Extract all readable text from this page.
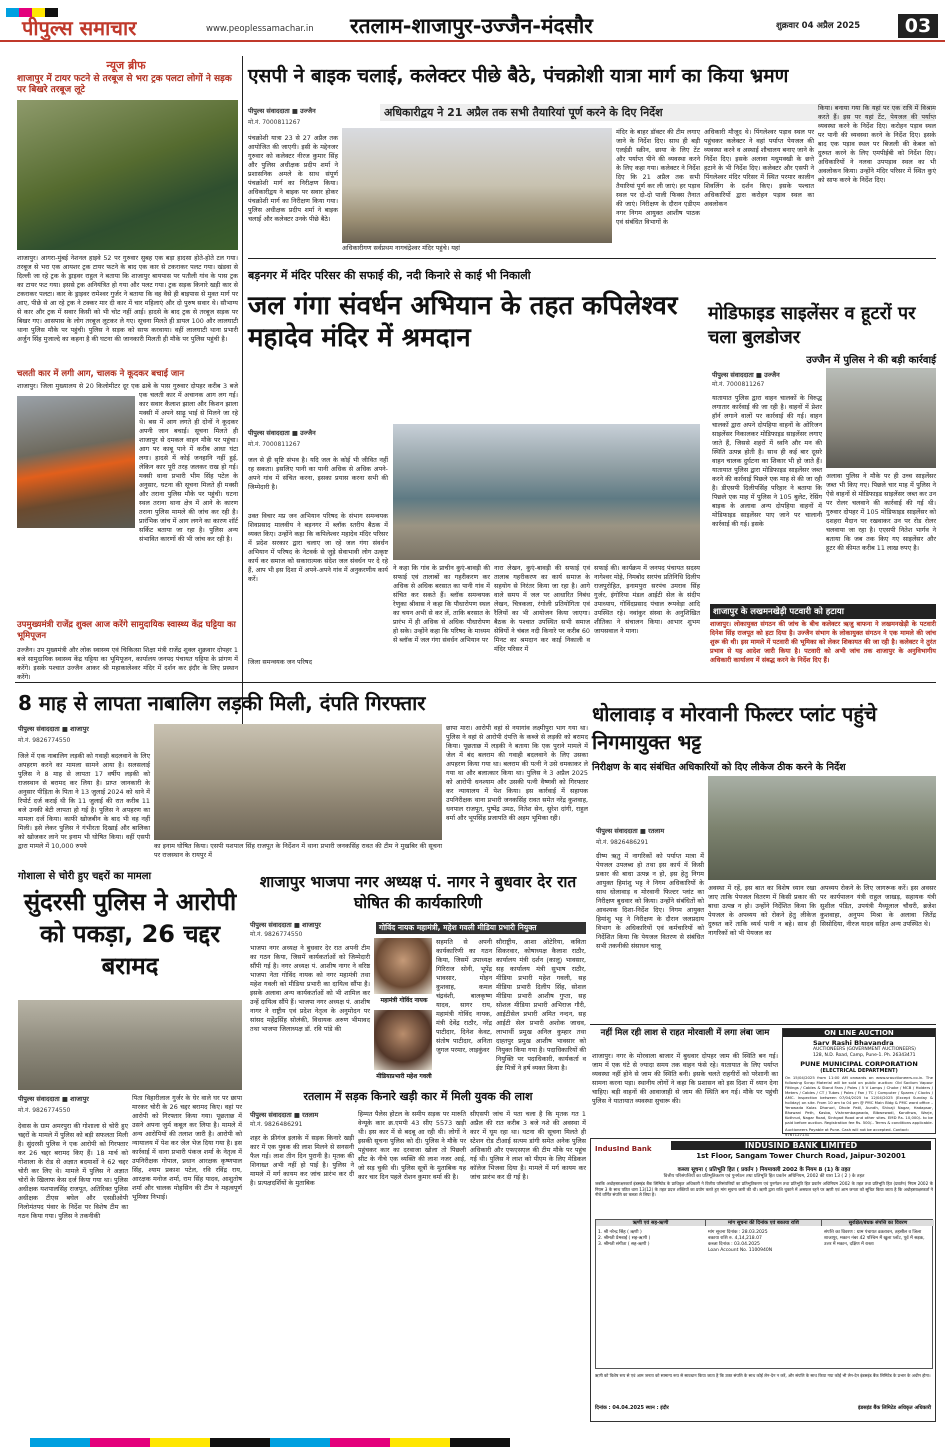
पीपुल्स समाचार	www.peoplessamachar.in	रतलाम-शाजापुर-उज्जैन-मंदसौर	शुक्रवार 04 अप्रैल 2025	03
न्यूज ब्रीफ
शाजापुर में टायर फटने से तरबूज से भरा ट्रक पलटा लोगों ने सड़क पर बिखरे तरबूज लूटे
शाजापुर। आगरा-मुंबई नेशनल हाइवे 52 पर गुरुवार सुबह एक बड़ा हादसा होते-होते टल गया। तरबूज से भरा एक आयशर ट्रक टायर फटने के बाद एक कार से टकराकर पलट गया। खंडवा से दिल्ली जा रहे ट्रक के ड्राइवर राहुल ने बताया कि शाजापुर बायपास पर पतौली गांव के पास ट्रक का टायर फट गया। इससे ट्रक अनियंत्रित हो गया और पलट गया। ट्रक सड़क किनारे खड़ी कार से टकराकर पलटा। कार के ड्राइवर रामेश्वर गुर्जर ने बताया कि वह वैसे ही बाइपास से मुक्त मार्ग पर आए, पीछे से आ रहे ट्रक ने टक्कर मार दी कार में चार महिलाएं और दो पुरुष सवार थे। सौभाग्य से कार और ट्रक में सवार किसी को भी चोट नहीं आई। हादसे के बाद ट्रक से तरबूज सड़क पर बिखर गए। आसपास के लोग तरबूज लूटकर ले गए। सूचना मिलते ही डायल 100 और लालघाटी थाना पुलिस मौके पर पहुंची। पुलिस ने सड़क को साफ करवाया। वहीं लालघाटी थाना प्रभारी अर्जुन सिंह मुजाल्दे का कहना है की घटना की जानकारी मिलती ही मौके पर पुलिस पहुंची है।
चलती कार में लगी आग, चालक ने कूदकर बचाई जान
शाजापुर। जिला मुख्यालय से 20 किलोमीटर दूर एक ढाबे के पास गुरुवार दोपहर करीब 3 बजे एक चलती कार में अचानक आग लग गई। कार सवार कैलाश झाला और किशन झाला मक्सी में अपने साढ़ू भाई से मिलने जा रहे थे। बस में आग लगते ही दोनों ने कूदकर अपनी जान बचाई। सूचना मिलते ही शाजापुर से दमकल वाहन मौके पर पहुंचा। आग पर काबू पाने में करीब आधा घंटा लगा। हादसे में कोई जनहानि नहीं हुई, लेकिन कार पूरी तरह जलकर राख हो गई। मक्सी थाना प्रभारी भीम सिंह पटेल के अनुसार, घटना की सूचना मिलते ही मक्सी और तराना पुलिस मौके पर पहुंची। घटना स्थल तराना थाना क्षेत्र में आने के कारण तराना पुलिस मामले की जांच कर रही है। प्रारंभिक जांच में आग लगने का कारण शॉर्ट सर्किट बताया जा रहा है। पुलिस अन्य संभावित कारणों की भी जांच कर रही है।
उपमुख्यमंत्री राजेंद्र शुक्ल आज करेंगे सामुदायिक स्वास्थ्य केंद्र घट्टिया का भूमिपूजन
उज्जैन। उप मुख्यमंत्री और लोक स्वास्थ्य एवं चिकित्सा शिक्षा मंत्री राजेंद्र शुक्ल शुक्रवार दोपहर 1 बजे सामुदायिक स्वास्थ्य केंद्र घट्टिया का भूमिपूजन, कार्यालय जनपद पंचायत घट्टिया के प्रांगण में करेंगे। इसके पश्चात उज्जैन आकर श्री महाकालेश्वर मंदिर में दर्शन कर इंदौर के लिए प्रस्थान करेंगे।
एसपी ने बाइक चलाई, कलेक्टर पीछे बैठे, पंचक्रोशी यात्रा मार्ग का किया भ्रमण
अधिकारीद्वय ने 21 अप्रैल तक सभी तैयारियां पूर्ण करने के दिए निर्देश
पीपुल्स संवाददाता ■ उज्जैन
मो.नं. 7000811267
पंचक्रोशी यात्रा 23 से 27 अप्रैल तक आयोजित की जाएगी। इसी के मद्देनजर गुरुवार को कलेक्टर नीरज कुमार सिंह और पुलिस अधीक्षक प्रदीप शर्मा ने प्रशासनिक अमले के साथ संपूर्ण पंचक्रोशी मार्ग का निरीक्षण किया। अधिकारीद्वय ने बाइक पर सवार होकर पंचक्रोशी मार्ग का निरीक्षण किया गया। पुलिस अधीक्षक प्रदीप शर्मा ने बाइक चलाई और कलेक्टर उनके पीछे बैठे।
अधिकारीगण सर्वप्रथम नागचंद्रेश्वर मंदिर पहुंचे। यहां
मंदिर के बाहर डॉक्टर की टीम लगाए जाने के निर्देश दिए। साथ ही बड़ी एलईडी स्क्रीन, छाया के लिए टेंट और पर्याप्त पीने की व्यवस्था करने के लिए कहा गया। कलेक्टर ने निर्देश दिए कि 21 अप्रैल तक सभी तैयारियां पूर्ण कर ली जाएं। हर पड़ाव स्थल पर दो-दो पाली फिक्स तैनात की जाएं। निरीक्षण के दौरान एडीएम नगर निगम आयुक्त आशीष पाठक एवं संबंधित विभागों के
अधिकारी मौजूद थे। पिंगलेश्वर पड़ाव स्थल पर पहुंचकर कलेक्टर ने वहां पर्याप्त पेयजल की व्यवस्था करने व अस्थाई शौचालय बनाए जाने के निर्देश दिए। इसके अलावा मधुमक्खी के छत्ते हटाने के भी निर्देश दिए। कलेक्टर और एसपी ने पिंगलेश्वर मंदिर परिसर में स्थित परमार कालीन शिवलिंग के दर्शन किए। इसके पश्चात अधिकारियों द्वारा करोहन पड़ाव स्थल का अवलोकन
किया। बनाया गया कि यहां पर एक रात्रि में विश्राम करते हैं। इस पर यहां टेंट, पेयजल की पर्याप्त व्यवस्था करने के निर्देश दिए। करोहन पड़ाव स्थल पर पानी की व्यवस्था करने के निर्देश दिए। इसके बाद एक पड़ाव स्थल पर बिजली की केबल को दुरुस्त करने के लिए एमपीईबी को निर्देश दिए। अधिकारियों ने नलवा उपपड़ाव स्थल का भी अवलोकन किया। उन्होंने मंदिर परिसर में स्थित कुएं को साफ करने के निर्देश दिए।
बड़नगर में मंदिर परिसर की सफाई की, नदी किनारे से काई भी निकाली
जल गंगा संवर्धन अभियान के तहत कपिलेश्वर महादेव मंदिर में श्रमदान
पीपुल्स संवाददाता ■ उज्जैन
मो.नं. 7000811267
जल से ही सृष्टि संभव है। यदि जल के कोई भी जीवित नहीं रह सकता। इसलिए पानी का पानी अधिक से अधिक अपने-अपने गांव में संचित करना, इसका प्रयास करना सभी की जिम्मेदारी है।
उक्त विचार मप्र जन अभियान परिषद के संभाग समन्वयक शिवप्रसाद मालवीय ने बड़नगर में ब्लॉक स्तरीय बैठक में व्यक्त किए। उन्होंने कहा कि कपिलेश्वर महादेव मंदिर परिसर में प्रदेश सरकार द्वारा चलाए जा रहे जल गंगा संवर्धन अभियान में परिषद के नेटवर्क से जुड़े सेवाभावी लोग उत्कृष्ट कार्य कर समाज को सकारात्मक संदेश जल संवर्धन पर दे रहे हैं, आप भी इस दिशा में अपने-अपने गांव में अनुकरणीय कार्य करें।
जिला समन्वयक जन परिषद
ने कहा कि गांव के प्राचीन कुएं-बावड़ी की सफाई एवं तालाबों का गहरीकरण कर अधिक से अधिक बरसात का पानी गांव में संचित कर सकते हैं। ब्लॉक समन्वयक रेणुका श्रीवास ने कहा कि पौधारोपण स्थल का चयन अभी से कर लें, ताकि बरसात के प्रारंभ में ही अधिक से अधिक पौधारोपण हो सके। उन्होंने कहा कि परिषद के माध्यम से ब्लॉक में जल गंगा संवर्धन अभियान पर
नारा लेखन, कुएं-बावड़ी की सफाई एवं तालाब गहरीकरण का कार्य समाज के सहयोग से निरंतर किया जा रहा है। आगे वाले समय में जल पर आधारित निबंध लेखन, चित्रकला, रंगोली प्रतियोगिता एवं रैलियों का भी आयोजन किया जाएगा। बैठक के पश्चात उपस्थित सभी समाज सेवियों ने चंबल नदी किनारे पर करीब 60 मिनट का श्रमदान कर काई निकाली व मंदिर परिसर में
सफाई की। कार्यक्रम में जनपद पंचायत सदस्य नागेश्वर मोहे, निमबोद सरपंच प्रतिनिधि दिलीप राजपुरोहित, इनामपुरा सरपंच उमराव सिंह गुर्जर, इंगोरिया मंडल आईटी सेल के संदीप उपाध्याय, गोविंदप्रसाद पंचाल रूपवेड़ा आदि उपस्थित रहे। नवांकुर संस्था के अनुशिखित शीतिका ने संचालन किया। आभार शुभम जायसवाल ने माना।
मोडिफाइड साइलेंसर व हूटरों पर चला बुलडोजर
उज्जैन में पुलिस ने की बड़ी कार्रवाई
पीपुल्स संवाददाता ■ उज्जैन
मो.नं. 7000811267
यातायात पुलिस द्वारा वाहन चालकों के विरुद्ध लगातार कार्रवाई की जा रही है। वाहनों में प्रेशर हॉर्न लगाने वालों पर कार्रवाई की गई। वाहन चालकों द्वारा अपने दोपहिया वाहनों के ओरिजन साइलेंसर निकालकर मोडिफाइड साइलेंसर लगाए जाते हैं, जिससे शहरों में ध्वनि और मन की स्थिति उत्पन्न होती है। साथ ही कई बार दूसरे वाहन चालक दुर्घटना का शिकार भी हो जाते हैं। यातायात पुलिस द्वारा मोडिफाइड साइलेंसर जब्त करने की कार्रवाई पिछले एक माह से की जा रही है। डीएसपी दिलीपसिंह परिहार ने बताया कि पिछले एक माह में पुलिस ने 105 बुलेट, रेसिंग बाइक के अलावा अन्य दोपहिया वाहनों में मोडिफाइड साइलेंसर पाए जाने पर चालानी कार्रवाई की गई। इसके
अलावा पुलिस ने मौके पर ही उच्च साइलेंसर जब्त भी किए गए। पिछले चार माह में पुलिस ने ऐसे वाहनों से मोडिफाइड साइलेंसर जब्त कर उन पर रोलर चलवाने की कार्रवाई की गई थी। गुरुवार दोपहर में 105 मोडिफाइड साइलेंसर को दशहरा मैदान पर रखवाकर उन पर रोड रोलर चलवाया जा रहा है। एएसपी नितेश भार्गव ने बताया कि जब तक किए गए साइलेंसर और हूटर की कीमत करीब 11 लाख रुपए है।
शाजापुर के लखमनखेड़ी पटवारी को हटाया
शाजापुर। लोकायुक्त संगठन की जांच के बीच कलेक्टर ऋजु बाफना ने लखमनखेड़ी के पटवारी दिनेश सिंह राजपूत को हटा दिया है। उज्जैन संभाग के लोकायुक्त संगठन ने एक मामले की जांच शुरू की थी। इस मामले में पटवारी की भूमिका को लेकर शिकायत की जा रही है। कलेक्टर ने तुरंत प्रभाव से यह आदेश जारी किया है। पटवारी को अभी जांच तक शाजापुर के अनुविभागीय अधिकारी कार्यालय में संबद्ध करने के निर्देश दिए हैं।
8 माह से लापता नाबालिग लड़की मिली, दंपति गिरफ्तार
पीपुल्स संवाददाता ■ शाजापुर
मो.नं. 9826774550
जिले में एक नाबालिग लड़की को गवाही बदलवाने के लिए अपहरण करने का मामला सामने आया है। सलसलाई पुलिस ने 8 माह से लापता 17 वर्षीय लड़की को राजस्थान से बरामद कर लिया है। प्राप्त जानकारी के अनुसार पीड़िता के पिता ने 13 जुलाई 2024 को थाने में रिपोर्ट दर्ज कराई थी कि 11 जुलाई की रात करीब 11 बजे उनकी बेटी लापता हो गई है। पुलिस ने अपहरण का मामला दर्ज किया। काफी खोजबीन के बाद भी वह नहीं मिली। इसे लेकर पुलिस ने गंभीरता दिखाई और बालिका को खोजकर लाने पर इनाम भी घोषित किया। वहीं एसपी द्वारा मामले में 10,000 रुपये	का इनाम घोषित किया। एसपी यशपाल सिंह राजपूत के निर्देशन में थाना प्रभारी जनकसिंह रावत की टीम ने मुखबिर की सूचना पर राजस्थान के रायपुर में
छापा मारा। आरोपी वहां से नयागांव लक्ष्मीपुरा भाग गया था। पुलिस ने वहां से आरोपी दंपत्ति के कब्जे से लड़की को बरामद किया। पूछताछ में लड़की ने बताया कि एक पुराने मामले में जेल में बंद बलराम की गवाही बदलवाने के लिए उसका अपहरण किया गया था। बलराम की पत्नी ने उसे धमकाकर ले गया था और बलात्कार किया था। पुलिस ने 3 अप्रैल 2025 को आरोपी धनश्याम और उसकी पत्नी वैष्णवी को गिरफ्तार कर न्यायालय में पेश किया। इस कार्रवाई में सहायक उपनिरीक्षक थाना प्रभारी जनकसिंह रावत समेत नरेंद्र कुशवाह, धनपाल राजपूत, पुष्पेंद्र उमठ, नितेश सेन, सुरेश दांगी, राहुल वर्मा और भूपसिंह प्रजापति की अहम भूमिका रही।
धोलावाड़ व मोरवानी फिल्टर प्लांट पहुंचे निगमायुक्त भट्ट
निरीक्षण के बाद संबंधित अधिकारियों को दिए लीकेज ठीक करने के निर्देश
पीपुल्स संवाददाता ■ रतलाम
मो.नं. 9826486291
ग्रीष्म ऋतु में नागरिकों को पर्याप्त मात्रा में पेयजल उपलब्ध हो तथा इस कार्य में किसी प्रकार की बाधा उत्पन्न न हो, इस हेतु निगम आयुक्त हिमांशु भट्ट ने निगम अधिकारियों के साथ धोलावाड़ व मोरवानी फिल्टर प्लांट का निरीक्षण बुधवार को किया। उन्होंने संबंधितों को आवश्यक दिशा-निर्देश दिए। निगम आयुक्त हिमांशु भट्ट ने निरीक्षण के दौरान जलप्रदाय विभाग के अधिकारियों एवं कर्मचारियों को निर्देशित किया कि पेयजल वितरण से संबंधित सभी तकनीकी संसाधन चालू
अवस्था में रहें, इस बात का विशेष ध्यान रखा जाए ताकि पेयजल वितरण में किसी प्रकार की बाधा उत्पन्न न हो। उन्होंने निर्देशित किया कि पेयजल के अपव्यय को रोकने हेतु लीकेज दुरुस्त करें ताकि व्यर्थ पानी न बहे। साथ ही नागरिकों को भी पेयजल का
अपव्यय रोकने के लिए जागरूक करें। इस अवसर पर कार्यपालन यंत्री राहुल जाखड़, सहायक यंत्री सुशील पंडित, उपयंत्री मैथ्यूलाल चौधरी, ब्रजेश कुशवाहा, अनुपम मिश्रा के अलावा जितेंद्र सिसोदिया, नीरज यादव सहित अन्य उपस्थित थे।
गोशाला से चोरी हुए चद्दरों का मामला
सुंदरसी पुलिस ने आरोपी को पकड़ा, 26 चद्दर बरामद
पीपुल्स संवाददाता ■ शाजापुर
मो.नं. 9826774550
देवास के ग्राम अमरपुरा की गोशाला से चोरी हुए चद्दरों के मामले में पुलिस को बड़ी सफलता मिली है। सुंदरसी पुलिस ने एक आरोपी को गिरफ्तार कर 26 चद्दर बरामद किए हैं। 18 मार्च को गोशाला के रोड से अज्ञात बदमाशों ने 62 चद्दर चोरी कर लिए थे। मामले में पुलिस ने अज्ञात चोरों के खिलाफ केस दर्ज किया गया था। पुलिस अधीक्षक यशपालसिंह राजपूत, अतिरिक्त पुलिस अधीक्षक टीएस बघेल और एसडीओपी निलोमंतपद पंवार के निर्देश पर विशेष टीम का गठन किया गया। पुलिस ने तकनीकी
पिता विहारीलाल गुर्जर के घेर वाले घर पर छापा मारकर चोरी के 26 चद्दर बरामद किए। वहां पर आरोपी को गिरफ्तार किया गया। पूछताछ में उसने अपना जुर्म कबूल कर लिया है। मामले में अन्य आरोपियों की तलाश जारी है। आरोपी को न्यायालय में पेश कर जेल भेज दिया गया है। इस कार्रवाई में थाना प्रभारी पंकज शर्मा के नेतृत्व में उपनिरीक्षक गोपाल, प्रधान आरक्षक कृष्णपाल सिंह, श्याम प्रकाश पटेल, रवि रविंद्र राय, आरक्षक मनोज शर्मा, राम सिंह यादव, आशुतोष शर्मा और चालक मोहसिन की टीम ने महत्वपूर्ण भूमिका निभाई।
शाजापुर भाजपा नगर अध्यक्ष पं. नागर ने बुधवार देर रात घोषित की कार्यकारिणी
पीपुल्स संवाददाता ■ शाजापुर
मो.नं. 9826774550
गोविंद नायक महामंत्री, महेश गवली मीडिया प्रभारी नियुक्त
भाजपा नगर अध्यक्ष ने बुधवार देर रात अपनी टीम का गठन किया, जिसमें कार्यकर्ताओं को जिम्मेदारी सौंपी गई है। नगर अध्यक्ष पं. आशीष नागर ने वरिष्ठ भाजपा नेता गोविंद नायक को नगर महामंत्री तथा महेश गवली को मीडिया प्रभारी का दायित्व सौंपा है। इसके अलावा अन्य कार्यकर्ताओं को भी शामिल कर उन्हें दायित्व सौंपे हैं। भाजपा नगर अध्यक्ष पं. आशीष नागर ने राष्ट्रीय एवं प्रदेश नेतृत्व के अनुमोदन पर सांसद महेंद्रसिंह सोलंकी, विधायक अरुण भीमावद तथा भाजपा जिलाध्यक्ष डॉ. रवि पांडे की
महामंत्री गोविंद नायक
मीडियाप्रभारी महेश गवली
सहमति से अपनी कार्यकारिणी का गठन किया, जिसमें उपाध्यक्ष गिरिराज सोनी, भूपेंद्र भावसार, मोहन कुशवाह, कमल चंद्रवंशी, बालकृष्ण यादव, सागर राय, महामंत्री गोविंद नायक, मंत्री देवेंद्र राठौर, नरेंद्र पाटीदार, दिनेश केवट, संतोष पाटीदार, अनिता जुगल परमार, लाइकुंवर
सौराष्ट्रीय, आशा ओटेरिया, कविता सिकरवार, कोषाध्यक्ष कैलाश राठौर, कार्यालय मंत्री दर्शन (कालू) भावसार, सह कार्यालय मंत्री सुभाष राठौर, मीडिया प्रभारी महेश गवली, सह मीडिया प्रभारी दिलीप सिंह, सोशल मीडिया प्रभारी आशीष गुप्ता, सह सोशल मीडिया प्रभारी अभिराज गौरी, आईटीसेल प्रभारी अमित नन्दन, सह आईटी सेल प्रभारी अशोक जाधव, लाभार्थी प्रमुख अनिल कुम्हार तथा दाह्तपुर प्रमुख आशीष भावसार को नियुक्त किया गया है। पदाधिकारियों की नियुक्ति पर पदाधिकारी, कार्यकर्ता व ईष्ट मित्रों ने हर्ष व्यक्त किया है।
रतलाम में सड़क किनारे खड़ी कार में मिली युवक की लाश
पीपुल्स संवाददाता ■ रतलाम
मो.नं. 9826486291
शहर के फ्रीगंज इलाके में सड़क किनारे खड़ी कार में एक युवक की लाश मिलने से सनसनी फैल गई। लाश तीन दिन पुरानी है। मृतक की शिनाख्त अभी नहीं हो पाई है। पुलिस ने मामले में मर्ग कायम कर जांच प्रारंभ कर दी है। प्रत्यक्षदर्शियों के मुताबिक
हिम्मत पैलेस होटल के समीप सड़क पर मारुति वेन्यूके कार क्र.एमपी 43 सीए 5573 खड़ी थी। इस कार में से बदबू आ रही थी। लोगों ने इसकी सूचना पुलिस को दी। पुलिस ने मौके पर पहुंचकर कार का दरवाजा खोला तो पिछली सीट के नीचे एक व्यक्ति की लाश नजर आई, जो सड़ चुकी थी। पुलिस सूत्रों के मुताबिक यह कार चार दिन पहले रोशन कुमार वर्मा की है।
सीएसपी जांच में पता चला है कि मृतक गत 1 अप्रैल की रात करीब 3 बजे नशे की अवस्था में कार में घूम रहा था। घटना की सूचना मिलते ही स्टेशन रोड टीआई सत्यम डांगी समेत अनेक पुलिस अधिकारी और एफएसएल की टीम मौके पर पहुंच गई थी। पुलिस ने लाश को पीएम के लिए मेडिकल कॉलेज भिजवा दिया है। मामले में मर्ग कायम कर जांच प्रारंभ कर दी गई है।
नहीं मिल रही लाश से राहत मोरवाली में लगा लंबा जाम
शाजापुर। नगर के मोरवाला बाजार में बुधवार दोपहर जाम की स्थिति बन गई। जाम में एक घंटे से ज्यादा समय तक वाहन फंसे रहे। यातायात के लिए पर्याप्त व्यवस्था नहीं होने से जाम की स्थिति बनी। इसके चलते राहगीरों को परेशानी का सामना करना पड़ा। स्थानीय लोगों ने कहा कि प्रशासन को इस दिशा में ध्यान देना चाहिए। बड़ी वाहनों की आवाजाही से जाम की स्थिति बन गई। मौके पर पहुंची पुलिस ने यातायात व्यवस्था सुचारू की।
ON LINE AUCTION
Sarv Rashi Bhavandra
AUCTIONEERS (GOVERNMENT AUCTIONEERS)
128, N.D. Road, Camp, Pune-1. Ph. 26343471
PUNE MUNICIPAL CORPORATION
(ELECTRICAL DEPARTMENT)
On 15/04/2025 from 11:00 AM onwards on www.srauctioneers.co.in. The following Scrap Material will be sold on public auction: Old Sodium Vapour Fittings / Cables & Stand Fans / Poles / 5 V Lamps / Choke / MCB / Holders / Meters / Cables / CT / Tubes / Poles / Fan / TC / Computer / Spares / Clocks / AMC. Inspection between 07/04/2025 to 12/04/2025 (Except Sunday & holiday) on site. From 10 am to 04 pm @ PMC Main Bldg & PMC ward office – Yerawada Kalas Dhanori, Dhole Patil, Aundh, Shivaji Nagar, Hadapsar, Bhawani Peth, Kasba, Vishrambagwada, Bibwewadi, Kondhwa, Warje, Kothrud, Nagar Road, Sinhgad Road and other sites. EMD Rs. 10,000/- to be paid before auction. Registration fee Rs. 500/-. Terms & conditions applicable.
Auctioneers Payable at Pune. Cash will not be accepted. Contact: 9767127131
IndusInd Bank	INDUSIND BANK LIMITED
1st Floor, Sangam Tower Church Road, Jaipur-302001
कब्जा सूचना ( प्रतिभूति हित ( प्रवर्तन ) नियमावली 2002 के नियम 8 (1) के तहत
वित्तीय परिसंपत्तियों का प्रतिभूतिकरण एवं पुनर्गठन तथा प्रतिभूति हित प्रवर्तन अधिनियम, 2002 की धारा 13 ( 2 ) के तहत
जबकि अधोहस्ताक्षरकर्ता इंडसइंड बैंक लिमिटेड के प्राधिकृत अधिकारी ने वित्तीय परिसंपत्तियों का प्रतिभूतिकरण एवं पुनर्गठन तथा प्रतिभूति हित प्रवर्तन अधिनियम 2002 के तहत तथा प्रतिभूति हित (प्रवर्तन) नियम 2002 के नियम 3 के साथ पठित धारा 13(12) के तहत प्रदत्त शक्तियों का प्रयोग करते हुए मांग सूचना जारी की थी। ऋणी द्वारा राशि चुकाने में असफल रहने पर ऋणी एवं आम जनता को सूचित किया जाता है कि अधोहस्ताक्षरकर्ता ने नीचे वर्णित संपत्ति का कब्जा ले लिया है।
ऋणी एवं सह-ऋणी	मांग सूचना की दिनांक एवं बकाया राशि	सुरक्षित/बंधक संपत्ति का विवरण
1. श्री नरेन्द्र सिंह ( ऋणी )
2. श्रीमती प्रेमबाई ( सह-ऋणी )
3. श्रीमती संगीता ( सह-ऋणी )
मांग सूचना दिनांक : 28.03.2025
बकाया राशि रु. 4,14,218.07
कब्जा दिनांक : 03.04.2025
Loan Account No. 1100940N
संपत्ति का विवरण : ग्राम पंचायत ढकरावन, तहसील व जिला शाजापुर, मकान नंबर 42 पश्चिम में खुला प्लॉट, पूर्व में सड़क, उत्तर में मकान, दक्षिण में रास्ता
ऋणी को विशेष रूप से एवं आम जनता को सामान्य रूप से सावधान किया जाता है कि उक्त संपत्ति के साथ कोई लेन-देन न करें, और संपत्ति के साथ किया गया कोई भी लेन-देन इंडसइंड बैंक लिमिटेड के प्रभार के अधीन होगा।
दिनांक : 04.04.2025 स्थान : इंदौर	इंडसइंड बैंक लिमिटेड अधिकृत अधिकारी
